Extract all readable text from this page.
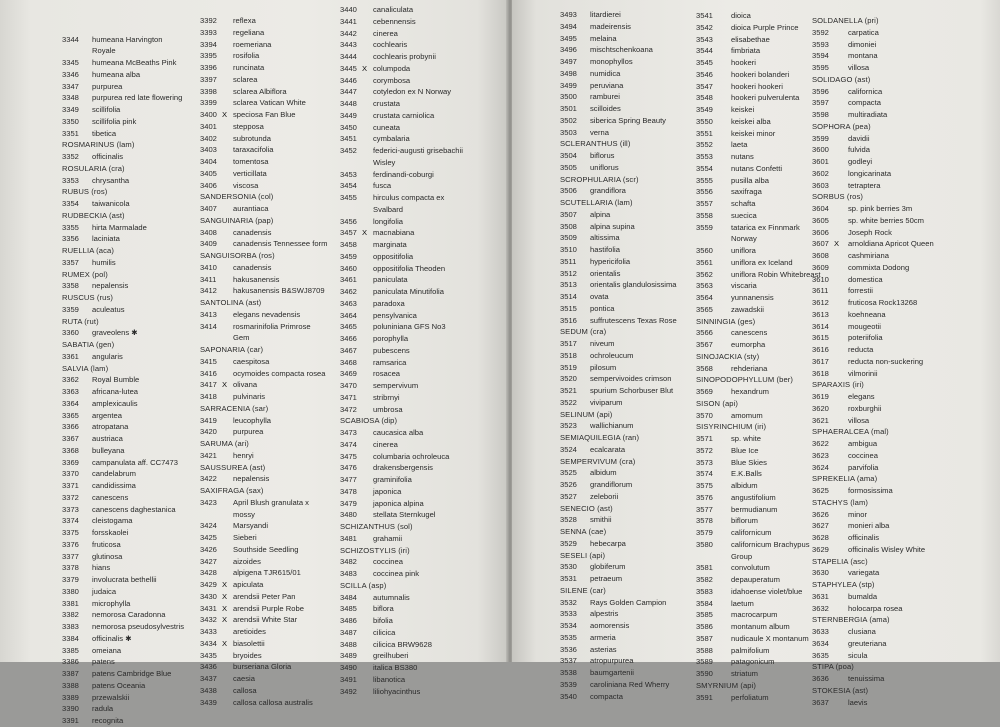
3344 humeana Harvington
Royale
3345 humeana McBeaths Pink
3346 humeana alba
3347 purpurea
3348 purpurea red late flowering
3349 scillifolia
3350 scillifolia pink
3351 tibetica
ROSMARINUS (lam)
3352 officinalis
ROSULARIA (cra)
3353 chrysantha
RUBUS (ros)
3354 taiwanicola
RUDBECKIA (ast)
3355 hirta Marmalade
3356 laciniata
RUELLIA (aca)
3357 humilis
RUMEX (pol)
3358 nepalensis
RUSCUS (rus)
3359 aculeatus
RUTA (rut)
3360 graveolens ✱
SABATIA (gen)
3361 angularis
SALVIA (lam)
3362 Royal Bumble
3363 africana-lutea
3364 amplexicaulis
3365 argentea
3366 atropatana
3367 austriaca
3368 bulleyana
3369 campanulata aff. CC7473
3370 candelabrum
3371 candidissima
3372 canescens
3373 canescens daghestanica
3374 cleistogama
3375 forsskaolei
3376 fruticosa
3377 glutinosa
3378 hians
3379 involucrata bethellii
3380 judaica
3381 microphylla
3382 nemorosa Caradonna
3383 nemorosa pseudosylvestris
3384 officinalis ✱
3385 omeiana
3386 patens
3387 patens Cambridge Blue
3388 patens Oceania
3389 przewalskii
3390 radula
3391 recognita
3392 reflexa
3393 regeliana
3394 roemeriana
3395 rosifolia
3396 runcinata
3397 sclarea
3398 sclarea Albiflora
3399 sclarea Vatican White
3400 X speciosa Fan Blue
3401 stepposa
3402 subrotunda
3403 taraxacifolia
3404 tomentosa
3405 verticillata
3406 viscosa
SANDERSONIA (col)
3407 aurantiaca
SANGUINARIA (pap)
3408 canadensis
3409 canadensis Tennessee form
SANGUISORBA (ros)
3410 canadensis
3411 hakusanensis
3412 hakusanensis B&SWJ8709
SANTOLINA (ast)
3413 elegans nevadensis
3414 rosmarinifolia Primrose
Gem
SAPONARIA (car)
3415 caespitosa
3416 ocymoides compacta rosea
3417 X olivana
3418 pulvinaris
SARRACENIA (sar)
3419 leucophylla
3420 purpurea
SARUMA (ari)
3421 henryi
SAUSSUREA (ast)
3422 nepalensis
SAXIFRAGA (sax)
3423 April Blush granulata x
mossy
3424 Marsyandi
3425 Sieberi
3426 Southside Seedling
3427 aizoides
3428 alpigena TJR615/01
3429 X apiculata
3430 X arendsii Peter Pan
3431 X arendsii Purple Robe
3432 X arendsii White Star
3433 aretioides
3434 X biasolettii
3435 bryoides
3436 burseriana Gloria
3437 caesia
3438 callosa
3439 callosa callosa australis
3440 canaliculata
3441 cebennensis
3442 cinerea
3443 cochlearis
3444 cochlearis probynii
3445 X columpoda
3446 corymbosa
3447 cotyledon ex N Norway
3448 crustata
3449 crustata carniolica
3450 cuneata
3451 cymbalaria
3452 federici-augusti grisebachii
Wisley
3453 ferdinandi-coburgi
3454 fusca
3455 hirculus compacta ex
Svalbard
3456 longifolia
3457 X macnabiana
3458 marginata
3459 oppositifolia
3460 oppositifolia Theoden
3461 paniculata
3462 paniculata Minutifolia
3463 paradoxa
3464 pensylvanica
3465 poluniniana GFS No3
3466 porophylla
3467 pubescens
3468 ramsarica
3469 rosacea
3470 sempervivum
3471 stribrnyi
3472 umbrosa
SCABIOSA (dip)
3473 caucasica alba
3474 cinerea
3475 columbaria ochroleuca
3476 drakensbergensis
3477 graminifolia
3478 japonica
3479 japonica alpina
3480 stellata Sternkugel
SCHIZANTHUS (sol)
3481 grahamii
SCHIZOSTYLIS (iri)
3482 coccinea
3483 coccinea pink
SCILLA (asp)
3484 autumnalis
3485 biflora
3486 bifolia
3487 cilicica
3488 cilicica BRW9628
3489 greilhuberi
3490 italica BS380
3491 libanotica
3492 liliohyacinthus
3493 litardierei
3494 madeirensis
3495 melaina
3496 mischtschenkoana
3497 monophyllos
3498 numidica
3499 peruviana
3500 ramburei
3501 scilloides
3502 siberica Spring Beauty
3503 verna
SCLERANTHUS (ill)
3504 biflorus
3505 uniflorus
SCROPHULARIA (scr)
3506 grandiflora
SCUTELLARIA (lam)
3507 alpina
3508 alpina supina
3509 altissima
3510 hastifolia
3511 hypericifolia
3512 orientalis
3513 orientalis glandulosissima
3514 ovata
3515 pontica
3516 suffrutescens Texas Rose
SEDUM (cra)
3517 niveum
3518 ochroleucum
3519 pilosum
3520 sempervivoides crimson
3521 spurium Schorbuser Blut
3522 viviparum
SELINUM (api)
3523 wallichianum
SEMIAQUILEGIA (ran)
3524 ecalcarata
SEMPERVIVUM (cra)
3525 albidum
3526 grandiflorum
3527 zeleborii
SENECIO (ast)
3528 smithii
SENNA (cae)
3529 hebecarpa
SESELI (api)
3530 globiferum
3531 petraeum
SILENE (car)
3532 Rays Golden Campion
3533 alpestris
3534 aomorensis
3535 armeria
3536 asterias
3537 atropurpurea
3538 baumgartenii
3539 caroliniana Red Wherry
3540 compacta
3541 dioica
3542 dioica Purple Prince
3543 elisabethae
3544 fimbriata
3545 hookeri
3546 hookeri bolanderi
3547 hookeri hookeri
3548 hookeri pulverulenta
3549 keiskei
3550 keiskei alba
3551 keiskei minor
3552 laeta
3553 nutans
3554 nutans Confetti
3555 pusilla alba
3556 saxifraga
3557 schafta
3558 suecica
3559 tatarica ex Finnmark
Norway
3560 uniflora
3561 uniflora ex Iceland
3562 uniflora Robin Whitebreast
3563 viscaria
3564 yunnanensis
3565 zawadskii
SINNINGIA (ges)
3566 canescens
3567 eumorpha
SINOJACKIA (sty)
3568 rehderiana
SINOPODOPHYLLUM (ber)
3569 hexandrum
SISON (api)
3570 amomum
SISYRINCHIUM (iri)
3571 sp. white
3572 Blue Ice
3573 Blue Skies
3574 E.K.Balls
3575 albidum
3576 angustifolium
3577 bermudianum
3578 biflorum
3579 californicum
3580 californicum Brachypus
Group
3581 convolutum
3582 depauperatum
3583 idahoense violet/blue
3584 laetum
3585 macrocarpum
3586 montanum album
3587 nudicaule X montanum
3588 palmifolium
3589 patagonicum
3590 striatum
SMYRNIUM (api)
3591 perfoliatum
SOLDANELLA (pri)
3592	carpatica
3593	dimoniei
3594	montana
3595	villosa
SOLIDAGO (ast)
3596	californica
3597	compacta
3598	multiradiata
SOPHORA (pea)
3599	davidii
3600	fulvida
3601	godleyi
3602	longicarinata
3603	tetraptera
SORBUS (ros)
3604	sp. pink berries 3m
3605	sp. white berries 50cm
3606	Joseph Rock
3607 X arnoldiana Apricot Queen
3608	cashmiriana
3609	commixta Dodong
3610	domestica
3611	forrestii
3612	fruticosa Rock13268
3613	koehneana
3614	mougeotii
3615	poteriifolia
3616	reducta
3617	reducta non-suckering
3618	vilmorinii
SPARAXIS (iri)
3619	elegans
3620	roxburghii
3621	villosa
SPHAERALCEA (mal)
3622	ambigua
3623	coccinea
3624	parvifolia
SPREKELIA (ama)
3625	formosissima
STACHYS (lam)
3626	minor
3627	monieri alba
3628	officinalis
3629	officinalis Wisley White
STAPELIA (asc)
3630	variegata
STAPHYLEA (stp)
3631	bumalda
3632	holocarpa rosea
STERNBERGIA (ama)
3633	clusiana
3634	greuteriana
3635	sicula
STIPA (poa)
3636	tenuissima
STOKESIA (ast)
3637	laevis
